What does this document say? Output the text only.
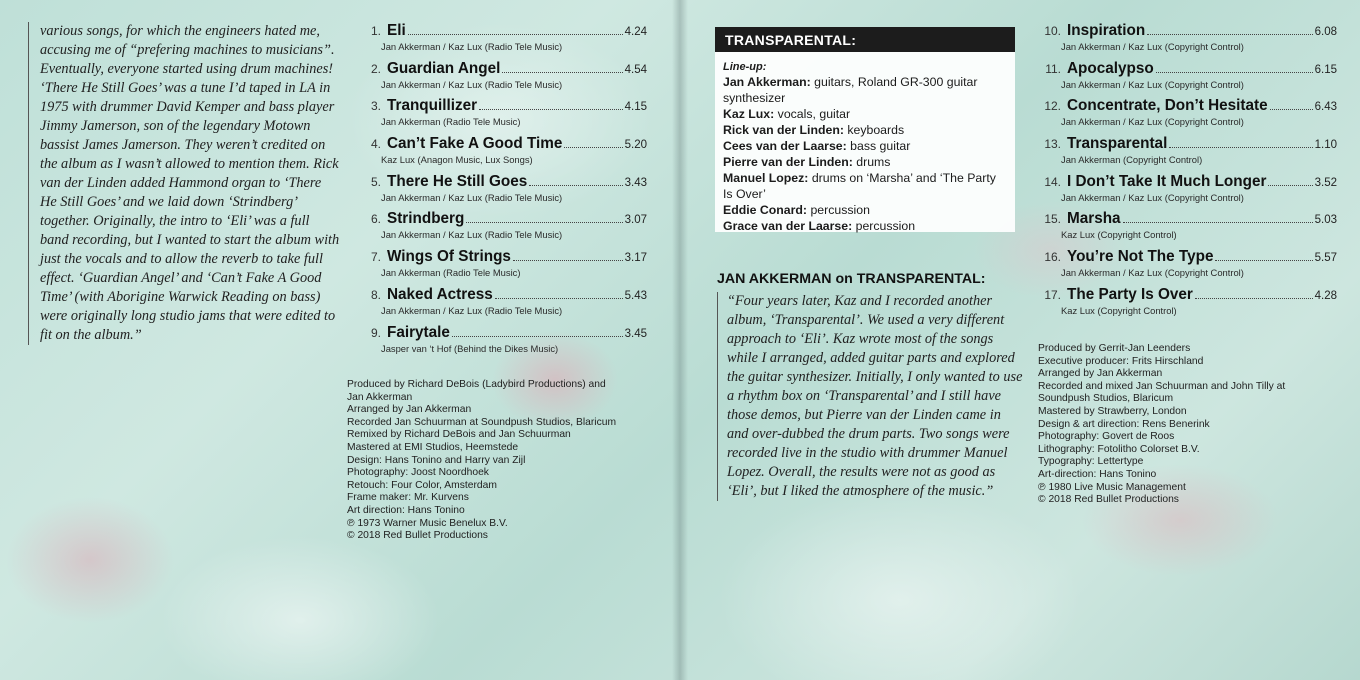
various songs, for which the engineers hated me, accusing me of “prefering machines to musicians”. Eventually, everyone started using drum machines! ‘There He Still Goes’ was a tune I’d taped in LA in 1975 with drummer David Kemper and bass player Jimmy Jamerson, son of the legendary Motown bassist James Jamerson. They weren’t credited on the album as I wasn’t allowed to mention them. Rick van der Linden added Hammond organ to ‘There He Still Goes’ and we laid down ‘Strindberg’ together. Originally, the intro to ‘Eli’ was a full band recording, but I wanted to start the album with just the vocals and to allow the reverb to take full effect. ‘Guardian Angel’ and ‘Can’t Fake A Good Time’ (with Aborigine Warwick Reading on bass) were originally long studio jams that were edited to fit on the album.”

1. Eli	4.24
Jan Akkerman / Kaz Lux (Radio Tele Music)
2. Guardian Angel	4.54
Jan Akkerman / Kaz Lux (Radio Tele Music)
3. Tranquillizer	4.15
Jan Akkerman (Radio Tele Music)
4. Can’t Fake A Good Time	5.20
Kaz Lux (Anagon Music, Lux Songs)
5. There He Still Goes	3.43
Jan Akkerman / Kaz Lux (Radio Tele Music)
6. Strindberg	3.07
Jan Akkerman / Kaz Lux (Radio Tele Music)
7. Wings Of Strings	3.17
Jan Akkerman (Radio Tele Music)
8. Naked Actress	5.43
Jan Akkerman / Kaz Lux (Radio Tele Music)
9. Fairytale	3.45
Jasper van ‘t Hof (Behind the Dikes Music)
Produced by Richard DeBois (Ladybird Productions) and
Jan Akkerman
Arranged by Jan Akkerman
Recorded Jan Schuurman at Soundpush Studios, Blaricum
Remixed by Richard DeBois and Jan Schuurman
Mastered at EMI Studios, Heemstede
Design: Hans Tonino and Harry van Zijl
Photography: Joost Noordhoek
Retouch: Four Color, Amsterdam
Frame maker: Mr. Kurvens
Art direction: Hans Tonino
℗ 1973 Warner Music Benelux B.V.
© 2018 Red Bullet Productions
TRANSPARENTAL:
Line-up:
Jan Akkerman: guitars, Roland GR-300 guitar synthesizer
Kaz Lux: vocals, guitar
Rick van der Linden: keyboards
Cees van der Laarse: bass guitar
Pierre van der Linden: drums
Manuel Lopez: drums on ‘Marsha’ and ‘The Party Is Over’
Eddie Conard: percussion
Grace van der Laarse: percussion
JAN AKKERMAN on TRANSPARENTAL:

“Four years later, Kaz and I recorded another album, ‘Transparental’. We used a very different approach to ‘Eli’. Kaz wrote most of the songs while I arranged, added guitar parts and explored the guitar synthesizer. Initially, I only wanted to use a rhythm box on ‘Transparental’ and I still have those demos, but Pierre van der Linden came in and over-dubbed the drum parts. Two songs were recorded live in the studio with drummer Manuel Lopez. Overall, the results were not as good as ‘Eli’, but I liked the atmosphere of the music.”

10. Inspiration	6.08
Jan Akkerman / Kaz Lux (Copyright Control)
11. Apocalypso	6.15
Jan Akkerman / Kaz Lux (Copyright Control)
12. Concentrate, Don’t Hesitate	6.43
Jan Akkerman / Kaz Lux (Copyright Control)
13. Transparental	1.10
Jan Akkerman (Copyright Control)
14. I Don’t Take It Much Longer	3.52
Jan Akkerman / Kaz Lux (Copyright Control)
15. Marsha	5.03
Kaz Lux (Copyright Control)
16. You’re Not The Type	5.57
Jan Akkerman / Kaz Lux (Copyright Control)
17. The Party Is Over	4.28
Kaz Lux (Copyright Control)
Produced by Gerrit-Jan Leenders
Executive producer: Frits Hirschland
Arranged by Jan Akkerman
Recorded and mixed Jan Schuurman and John Tilly at
Soundpush Studios, Blaricum
Mastered by Strawberry, London
Design & art direction: Rens Benerink
Photography: Govert de Roos
Lithography: Fotolitho Colorset B.V.
Typography: Lettertype
Art-direction: Hans Tonino
℗ 1980 Live Music Management
© 2018 Red Bullet Productions
